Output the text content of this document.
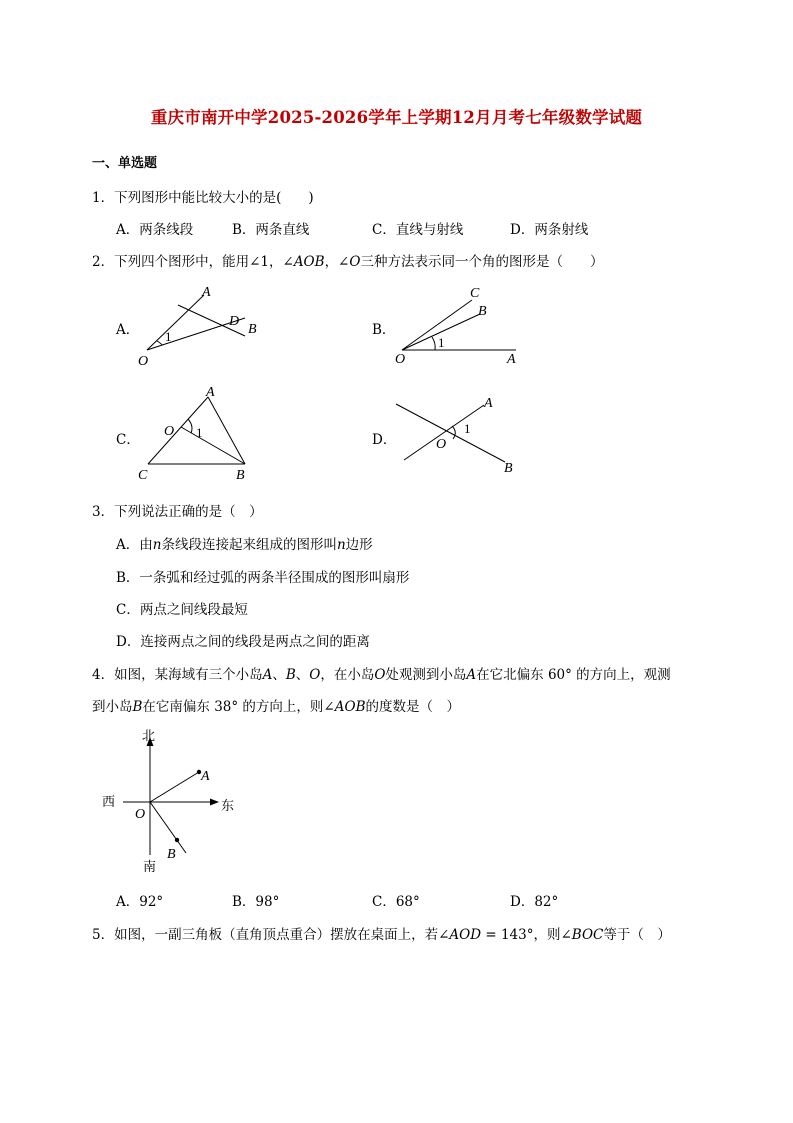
重庆市南开中学2025-2026学年上学期12月月考七年级数学试题
一、单选题
1．下列图形中能比较大小的是(　　)
A．两条线段	B．两条直线	C．直线与射线	D．两条射线
2．下列四个图形中，能用∠1，∠AOB，∠O三种方法表示同一个角的图形是（　　）
A．	B．
C．	D．
A
D
B
O
1
C
B
O	A
1
A
O
C	B
1
A
O
B
1
3．下列说法正确的是（　）
A．由n条线段连接起来组成的图形叫n边形
B．一条弧和经过弧的两条半径围成的图形叫扇形
C．两点之间线段最短
D．连接两点之间的线段是两点之间的距离
4．如图，某海域有三个小岛A、B、O，在小岛O处观测到小岛A在它北偏东 60° 的方向上，观测
到小岛B在它南偏东 38° 的方向上，则∠AOB的度数是（　）
北
南
西	东
A
B
O
A．92°	B．98°	C．68°	D．82°
5．如图，一副三角板（直角顶点重合）摆放在桌面上，若∠AOD = 143°，则∠BOC等于（　）
